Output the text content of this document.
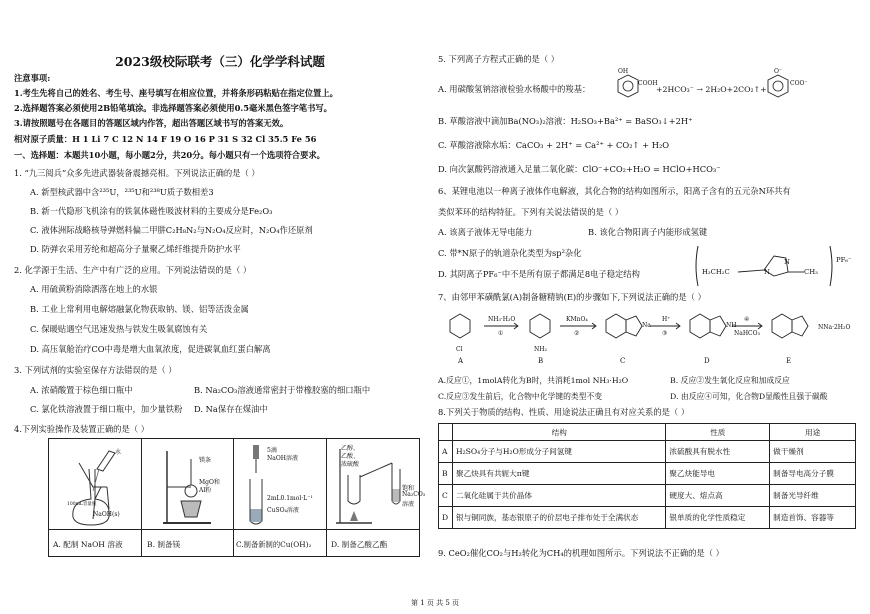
2023级校际联考（三）化学学科试题
注意事项:
1.考生先将自己的姓名、考生号、座号填写在相应位置，并将条形码粘贴在指定位置上。
2.选择题答案必须使用2B铅笔填涂。非选择题答案必须使用0.5毫米黑色签字笔书写。
3.请按照题号在各题目的答题区域内作答，超出答题区域书写的答案无效。
相对原子质量：H 1 Li 7 C 12 N 14 F 19 O 16 P 31 S 32 Cl 35.5 Fe 56
一、选择题：本题共10小题，每小题2分，共20分。每小题只有一个选项符合要求。
1. “九三阅兵”众多先进武器装备震撼亮相。下列说法正确的是（ ）
A. 新型核武器中含²³⁵U，²³⁵U和²³⁸U质子数相差3
B. 新一代隐形飞机涂有的铁氧体磁性吸波材料的主要成分是Fe₂O₃
C. 液体洲际战略核导弹燃料偏二甲肼C₂H₈N₂与N₂O₄反应时，N₂O₄作还原剂
D. 防弹衣采用芳纶和超高分子量聚乙烯纤维提升防护水平
2. 化学源于生活、生产中有广泛的应用。下列说法错误的是（ ）
A. 用硫黄粉消除洒落在地上的水银
B. 工业上常利用电解熔融氯化物获取钠、镁、铝等活泼金属
C. 保暖贴遇空气迅速发热与铁发生吸氧腐蚀有关
D. 高压氧舱治疗CO中毒是增大血氧浓度，促进碳氧血红蛋白解离
3. 下列试剂的实验室保存方法错误的是（ ）
A. 浓硝酸置于棕色细口瓶中	B. Na₂CO₃溶液通常密封于带橡胶塞的细口瓶中
C. 氯化铁溶液置于细口瓶中，加少量铁粉 D. Na保存在煤油中
4.下列实验操作及装置正确的是（ ）
水
100mL容量瓶
NaOH(s)
镁条
MgO和
Al粉
5滴
NaOH溶液
2mL0.1mol·L⁻¹
CuSO₄溶液
乙醇、
乙酸、
浓硫酸
饱和
Na₂CO₃
溶液
A. 配制 NaOH 溶液	B. 制备镁	C.制备新制的Cu(OH)₂	D. 制备乙酸乙酯
5. 下列离子方程式正确的是（ ）
A. 用碳酸氢钠溶液检验水杨酸中的羧基：
OH
COOH
+2HCO₃⁻ → 2H₂O+2CO₂↑+
O⁻
COO⁻
B. 草酸溶液中滴加Ba(NO₃)₂溶液：H₂SO₃+Ba²⁺ = BaSO₃↓+2H⁺
C. 草酸溶液除水垢：CaCO₃ + 2H⁺ = Ca²⁺ + CO₂↑ + H₂O
D. 向次氯酸钙溶液通入足量二氧化碳：ClO⁻+CO₂+H₂O = HClO+HCO₃⁻
6、某锂电池以一种离子液体作电解液，其化合物的结构如图所示，阳离子含有的五元杂N环共有
类似苯环的结构特征。下列有关说法错误的是（ ）
A. 该离子液体无导电能力	B. 该化合物阳离子内能形成氢键
C. 带*N原子的轨道杂化类型为sp²杂化
D. 其阴离子PF₆⁻中不是所有原子都满足8电子稳定结构	H₃CH₂C	N
N
CH₃
PF₆⁻
7、由邻甲苯磺酰氯(A)制备糖精钠(E)的步骤如下,下列说法正确的是（ ）
NH₃·H₂O
①
KMnO₄
②
H⁺
③	NaHCO₃
④
NNa·2H₂O
Cl	NH₂
Na	NH
A	B	C	D	E
A.反应①，1molA转化为B时，共消耗1mol NH₃·H₂O	B. 反应②发生氧化反应和加成反应
C.反应③发生前后，化合物中化学键的类型不变	D. 由反应④可知，化合物D显酸性且强于碳酸
8.下列关于物质的结构、性质、用途说法正确且有对应关系的是（ ）
	结构	性质	用途
A	H₂SO₄分子与H₂O形成分子间氢键	浓硫酸具有脱水性	做干燥剂
B	聚乙炔具有共轭大π键	聚乙炔能导电	制备导电高分子膜
C	二氧化硅属于共价晶体	硬度大、熔点高	制备光导纤维
D	银与铜同族，基态银原子的价层电子排布处于全满状态	银单质的化学性质稳定	制造首饰、容器等
9. CeO₂催化CO₂与H₂转化为CH₄的机理如图所示。下列说法不正确的是（ ）
第 1 页 共 5 页
